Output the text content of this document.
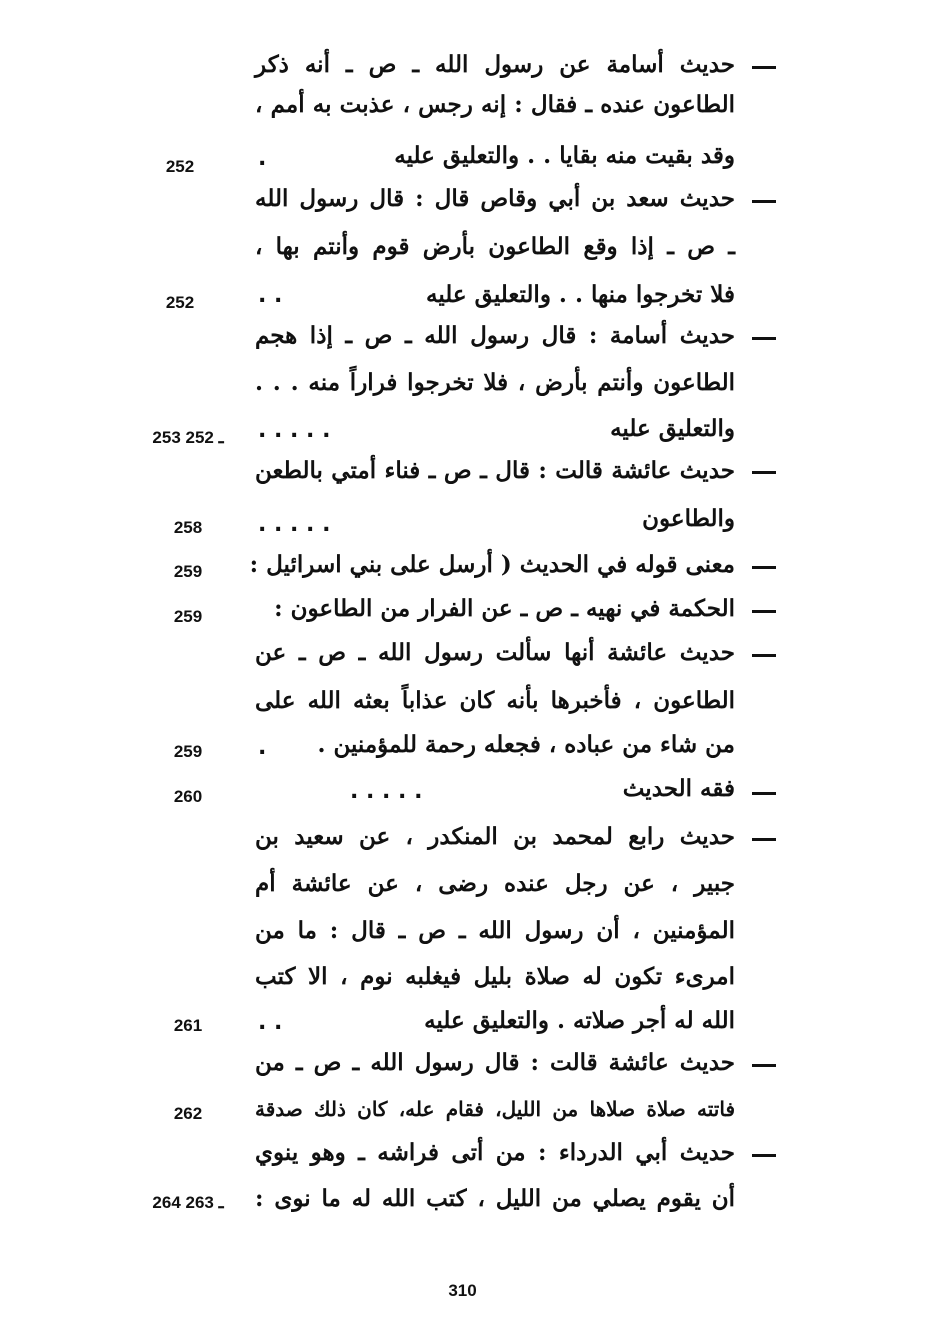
حديث أسامة عن رسول الله ـ ص ـ أنه ذكر
الطاعون عنده ـ فقال : إنه رجس ، عذبت به أمم ،
وقد بقيت منه بقايا . . والتعليق عليه
.
252
حديث سعد بن أبي وقاص قال : قال رسول الله
ـ ص ـ إذا وقع الطاعون بأرض قوم وأنتم بها ،
فلا تخرجوا منها . . والتعليق عليه
. .
252
حديث أسامة : قال رسول الله ـ ص ـ إذا هجم
الطاعون وأنتم بأرض ، فلا تخرجوا فراراً منه . . .
والتعليق عليه
. . . . .
253 ـ 252
حديث عائشة قالت : قال ـ ص ـ فناء أمتي بالطعن
والطاعون
. . . . .
258
معنى قوله في الحديث ( أرسل على بني اسرائيل :
259
الحكمة في نهيه ـ ص ـ عن الفرار من الطاعون :
259
حديث عائشة أنها سألت رسول الله ـ ص ـ عن
الطاعون ، فأخبرها بأنه كان عذاباً بعثه الله على
من شاء من عباده ، فجعله رحمة للمؤمنين .
.
259
فقه الحديث
. . . . .
260
حديث رابع لمحمد بن المنكدر ، عن سعيد بن
جبير ، عن رجل عنده رضى ، عن عائشة أم
المؤمنين ، أن رسول الله ـ ص ـ قال : ما من
امرىء تكون له صلاة بليل فيغلبه نوم ، الا كتب
الله له أجر صلاته . والتعليق عليه
. .
261
حديث عائشة قالت : قال رسول الله ـ ص ـ من
فاتته صلاة صلاها من الليل، فقام عله، كان ذلك صدقة
262
حديث أبي الدرداء : من أتى فراشه ـ وهو ينوي
أن يقوم يصلي من الليل ، كتب الله له ما نوى :
264 ـ 263
310
